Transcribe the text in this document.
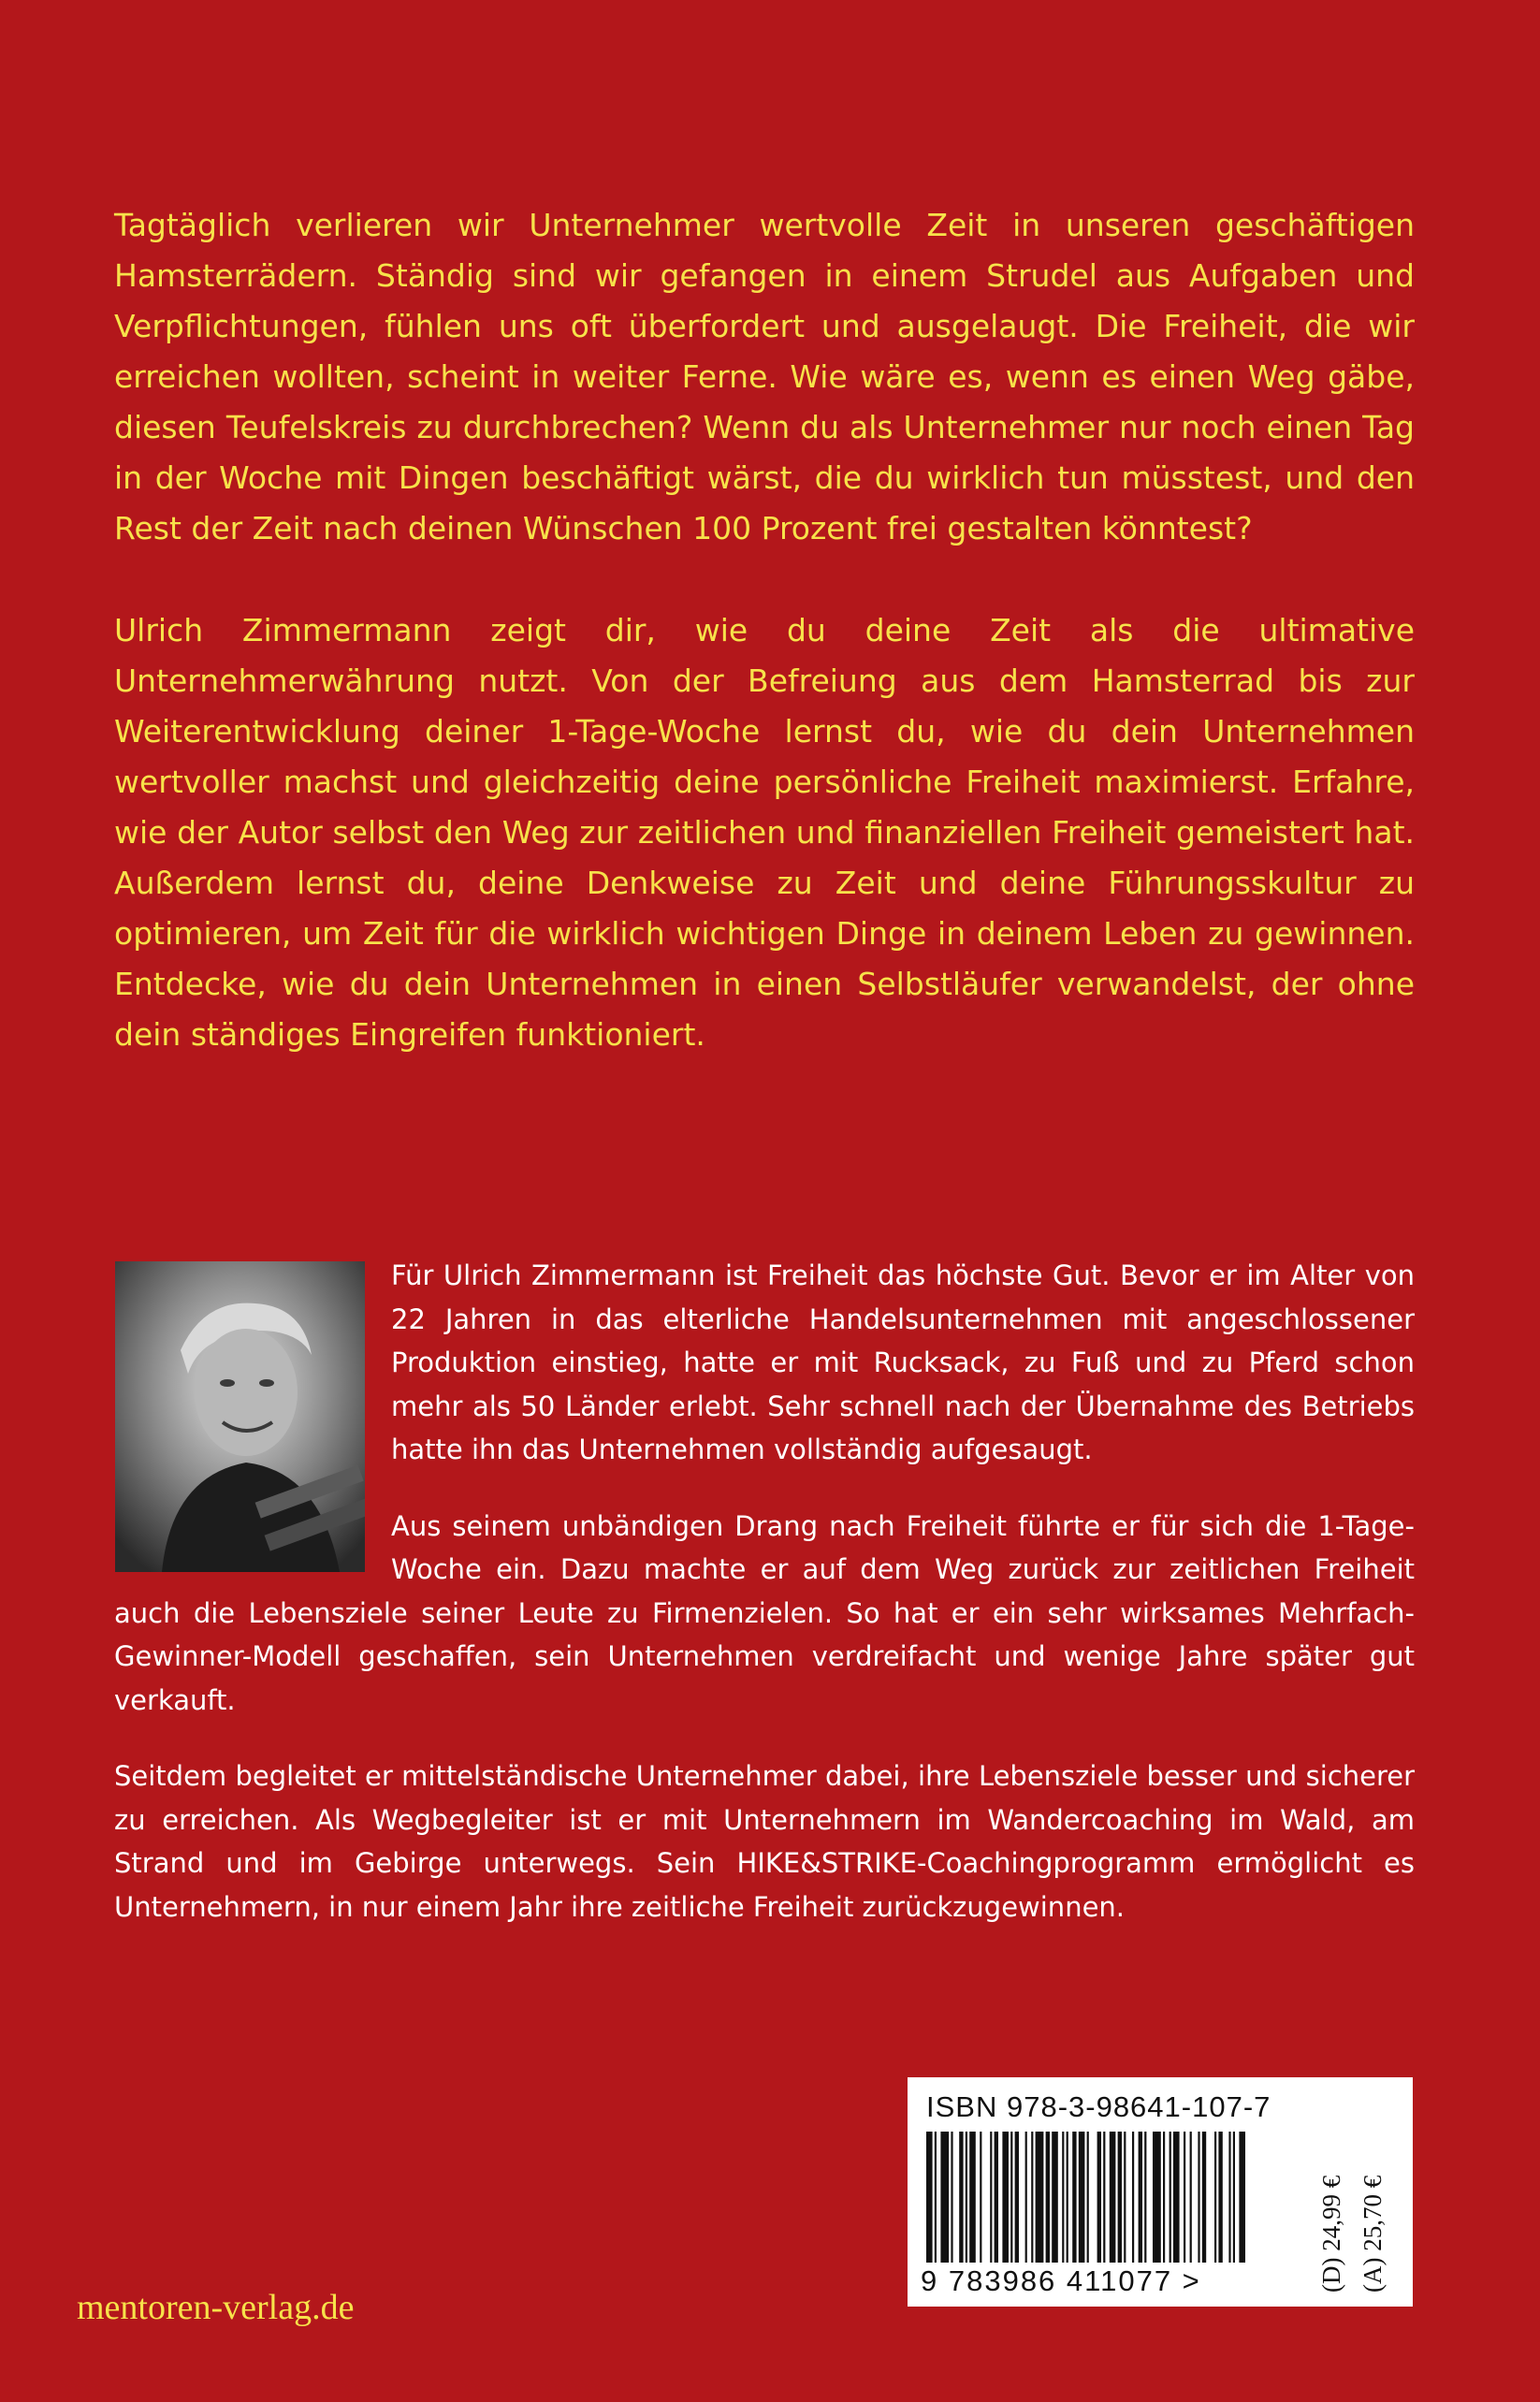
Tagtäglich verlieren wir Unternehmer wertvolle Zeit in unseren geschäftigen Hamsterrädern. Ständig sind wir gefangen in einem Strudel aus Aufgaben und Verpflichtungen, fühlen uns oft überfordert und ausgelaugt. Die Freiheit, die wir erreichen wollten, scheint in weiter Ferne. Wie wäre es, wenn es einen Weg gäbe, diesen Teufelskreis zu durchbrechen? Wenn du als Unternehmer nur noch einen Tag in der Woche mit Dingen beschäftigt wärst, die du wirklich tun müsstest, und den Rest der Zeit nach deinen Wünschen 100 Prozent frei gestalten könntest?

Ulrich Zimmermann zeigt dir, wie du deine Zeit als die ultimative Unternehmerwährung nutzt. Von der Befreiung aus dem Hamsterrad bis zur Weiterentwicklung deiner 1-Tage-Woche lernst du, wie du dein Unternehmen wertvoller machst und gleichzeitig deine persönliche Freiheit maximierst. Erfahre, wie der Autor selbst den Weg zur zeitlichen und finanziellen Freiheit gemeistert hat. Außerdem lernst du, deine Denkweise zu Zeit und deine Führungsskultur zu optimieren, um Zeit für die wirklich wichtigen Dinge in deinem Leben zu gewinnen. Entdecke, wie du dein Unternehmen in einen Selbstläufer verwandelst, der ohne dein ständiges Eingreifen funktioniert.

Für Ulrich Zimmermann ist Freiheit das höchste Gut. Bevor er im Alter von 22 Jahren in das elterliche Handelsunternehmen mit angeschlossener Produktion einstieg, hatte er mit Rucksack, zu Fuß und zu Pferd schon mehr als 50 Länder erlebt. Sehr schnell nach der Übernahme des Betriebs hatte ihn das Unternehmen vollständig aufgesaugt.

Aus seinem unbändigen Drang nach Freiheit führte er für sich die 1-Tage-Woche ein. Dazu machte er auf dem Weg zurück zur zeitlichen Freiheit auch die Lebensziele seiner Leute zu Firmenzielen. So hat er ein sehr wirksames Mehrfach-Gewinner-Modell geschaffen, sein Unternehmen verdreifacht und wenige Jahre später gut verkauft.

Seitdem begleitet er mittelständische Unternehmer dabei, ihre Lebensziele besser und sicherer zu erreichen. Als Wegbegleiter ist er mit Unternehmern im Wandercoaching im Wald, am Strand und im Gebirge unterwegs. Sein HIKE&STRIKE-Coachingprogramm ermöglicht es Unternehmern, in nur einem Jahr ihre zeitliche Freiheit zurückzugewinnen.

ISBN 978-3-98641-107-7
9 783986 411077 >	(D) 24,99 €
(A) 25,70 €
mentoren-verlag.de
